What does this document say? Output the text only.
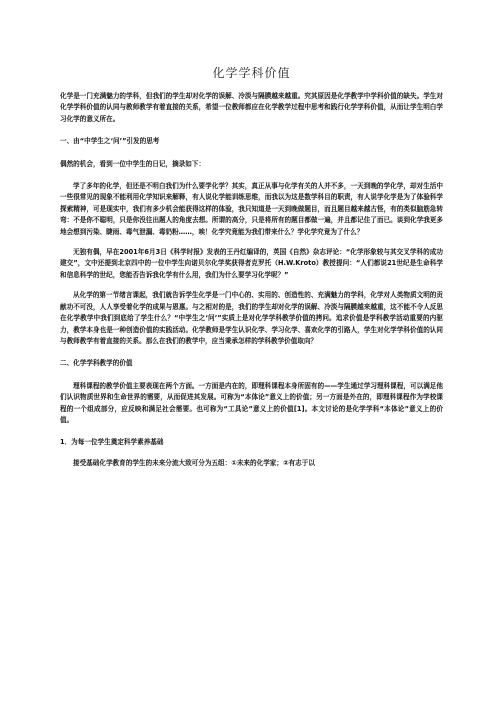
化学学科价值

化学是一门充满魅力的学科，但我们的学生却对化学的误解、冷淡与隔膜越来越重。究其原因是化学教学中学科价值的缺失。学生对化学学科价值的认同与教师教学有着直接的关系，希望一位教师都应在化学教学过程中思考和践行化学学科价值，从而让学生明白学习化学的意义所在。

一、由“中学生之‘问’”引发的思考

偶然的机会，看到一位中学生的日记，摘录如下：

学了多年的化学，但还是不明白我们为什么要学化学？其实，真正从事与化学有关的人并不多，一天到晚的学化学，却对生活中一些很常见的现象不能利用化学知识来解释，有人说化学能训练思维，而我以为这是数学科目的职责，有人说学化学是为了体验科学探索精神，可是现实中，我们有多少机会能获得这样的体验，我只知道是一天到晚做题目，而且题目越来越古怪，有的类似脑筋急转弯：不是你不聪明，只是你没往出题人的角度去想。所谓的高分，只是将所有的题目都做一遍，并且都记住了而已。谈到化学我更多地会想到污染、睫雨、毒气泄漏、毒奶粉……，唉！化学究竟能为我们带来什么？学化学究竟为了什么？

无独有偶，早在2001年6月3日《科学时报》发表的王丹红编译的，英国《自然》杂志评论：“化学形象较与其交叉学科的成功建交”，文中还提到北京四中的一位中学生向诺贝尔化学奖获得者克罗托（H.W.Kroto）教授提问：“人们都说21世纪是生命科学和信息科学的世纪，您能否告诉我化学有什么用，我们为什么要学习化学呢？”

从化学的第一节绪言课起，我们就告诉学生化学是一门中心的、实用的、创造性的、充满魅力的学科，化学对人类物质文明的贡献功不可没，人人享受着化学的成果与恩惠。与之相对的是，我们的学生却对化学的误解、冷淡与隔膜越来越重，这不能不令人反思在化学教学中我们到底给了学生什么？“中学生之‘问’”实质上是对化学学科教学价值的拷问。追求价值是学科教学活动重要的内驱力，教学本身也是一种创造价值的实践活动。化学教师是学生认识化学、学习化学、喜欢化学的引路人，学生对化学学科价值的认同与教师教学有着直接的关系。那么在我们的教学中，应当秉承怎样的学科教学价值取向？

二、化学学科教学的价值

理科课程的教学价值主要表现在两个方面。一方面是内在的，即理科课程本身所固有的——学生通过学习理科课程，可以满足他们认识物质世界和生命世界的需要，从而促进其发展。可称为“本体论”意义上的价值；另一方面是外在的，即理科课程作为学校课程的一个组成部分，应反映和满足社会需要。也可称为“工具论”意义上的价值[1]。本文讨论的是化学学科“本体论”意义上的价值。

1．为每一位学生奠定科学素养基础

接受基础化学教育的学生的未来分流大致可分为五组：①未来的化学家；②有志于以
